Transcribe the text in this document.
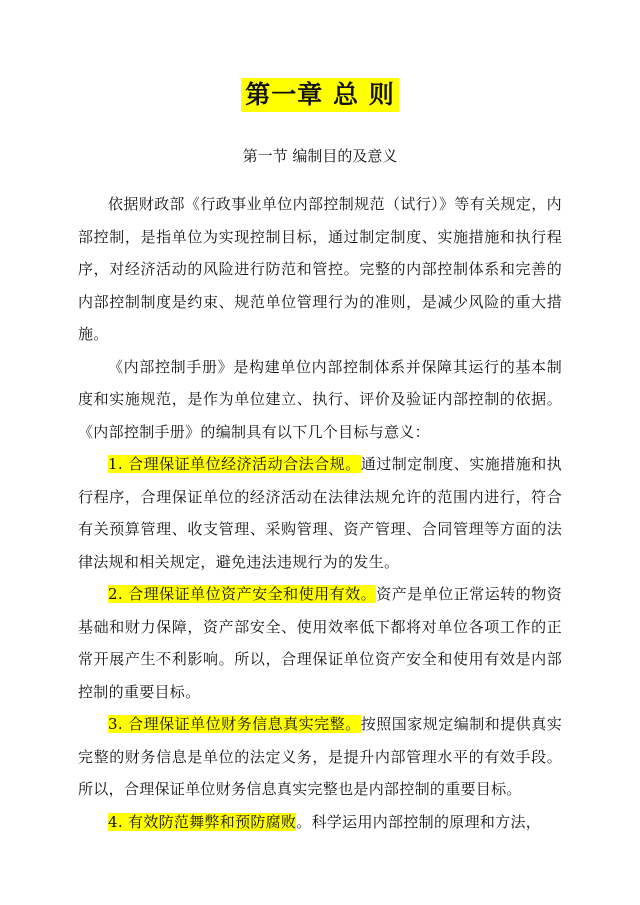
第一章 总 则
第一节 编制目的及意义

依据财政部《行政事业单位内部控制规范（试行）》等有关规定，内部控制，是指单位为实现控制目标，通过制定制度、实施措施和执行程序，对经济活动的风险进行防范和管控。完整的内部控制体系和完善的内部控制制度是约束、规范单位管理行为的准则，是减少风险的重大措施。

《内部控制手册》是构建单位内部控制体系并保障其运行的基本制度和实施规范，是作为单位建立、执行、评价及验证内部控制的依据。《内部控制手册》的编制具有以下几个目标与意义：

1. 合理保证单位经济活动合法合规。通过制定制度、实施措施和执行程序，合理保证单位的经济活动在法律法规允许的范围内进行，符合有关预算管理、收支管理、采购管理、资产管理、合同管理等方面的法律法规和相关规定，避免违法违规行为的发生。

2. 合理保证单位资产安全和使用有效。资产是单位正常运转的物资基础和财力保障，资产部安全、使用效率低下都将对单位各项工作的正常开展产生不利影响。所以，合理保证单位资产安全和使用有效是内部控制的重要目标。

3. 合理保证单位财务信息真实完整。按照国家规定编制和提供真实完整的财务信息是单位的法定义务，是提升内部管理水平的有效手段。所以，合理保证单位财务信息真实完整也是内部控制的重要目标。

4. 有效防范舞弊和预防腐败。科学运用内部控制的原理和方法，
